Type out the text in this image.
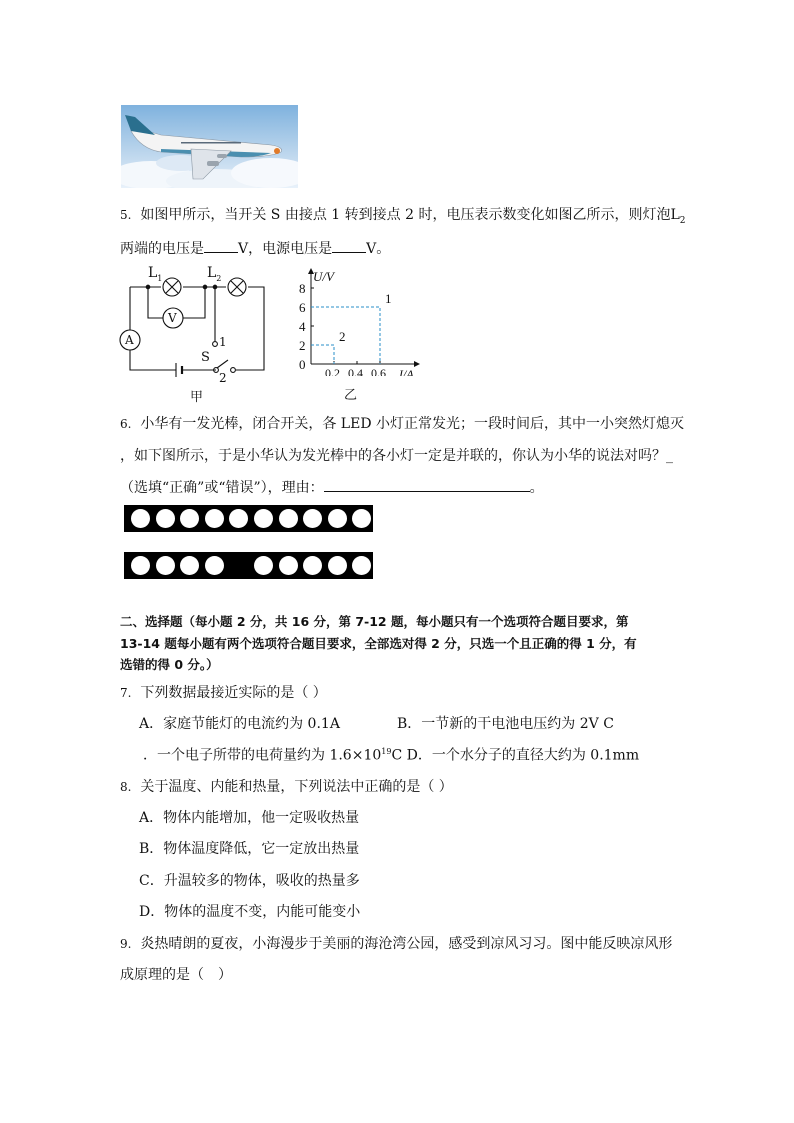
5. 如图甲所示，当开关 S 由接点 1 转到接点 2 时，电压表示数变化如图乙所示，则灯泡$L_2$
两端的电压是 V，电源电压是 V。
$L_1$	$L_2$
V
A	1
S
2
甲
0
2
4
6
8
0.2 0.4 0.6
2
1
U/V
I/A
乙
6. 小华有一发光棒，闭合开关，各 LED 小灯正常发光；一段时间后，其中一小突然灯熄灭
，如下图所示，于是小华认为发光棒中的各小灯一定是并联的，你认为小华的说法对吗？_
（选填“正确”或“错误”），理由：	。
二、选择题（每小题 2 分，共 16 分，第 7-12 题，每小题只有一个选项符合题目要求，第
13-14 题每小题有两个选项符合题目要求，全部选对得 2 分，只选一个且正确的得 1 分，有
选错的得 0 分。）
7. 下列数据最接近实际的是（ ）
A．家庭节能灯的电流约为 0.1A	B．一节新的干电池电压约为 2V C
．一个电子所带的电荷量约为 $1.6\times 10^{19}C$ D．一个水分子的直径大约为 0.1mm
8. 关于温度、内能和热量，下列说法中正确的是（ ）
A．物体内能增加，他一定吸收热量
B．物体温度降低，它一定放出热量
C．升温较多的物体，吸收的热量多
D．物体的温度不变，内能可能变小
9. 炎热晴朗的夏夜，小海漫步于美丽的海沧湾公园，感受到凉风习习。图中能反映凉风形
成原理的是（　）
